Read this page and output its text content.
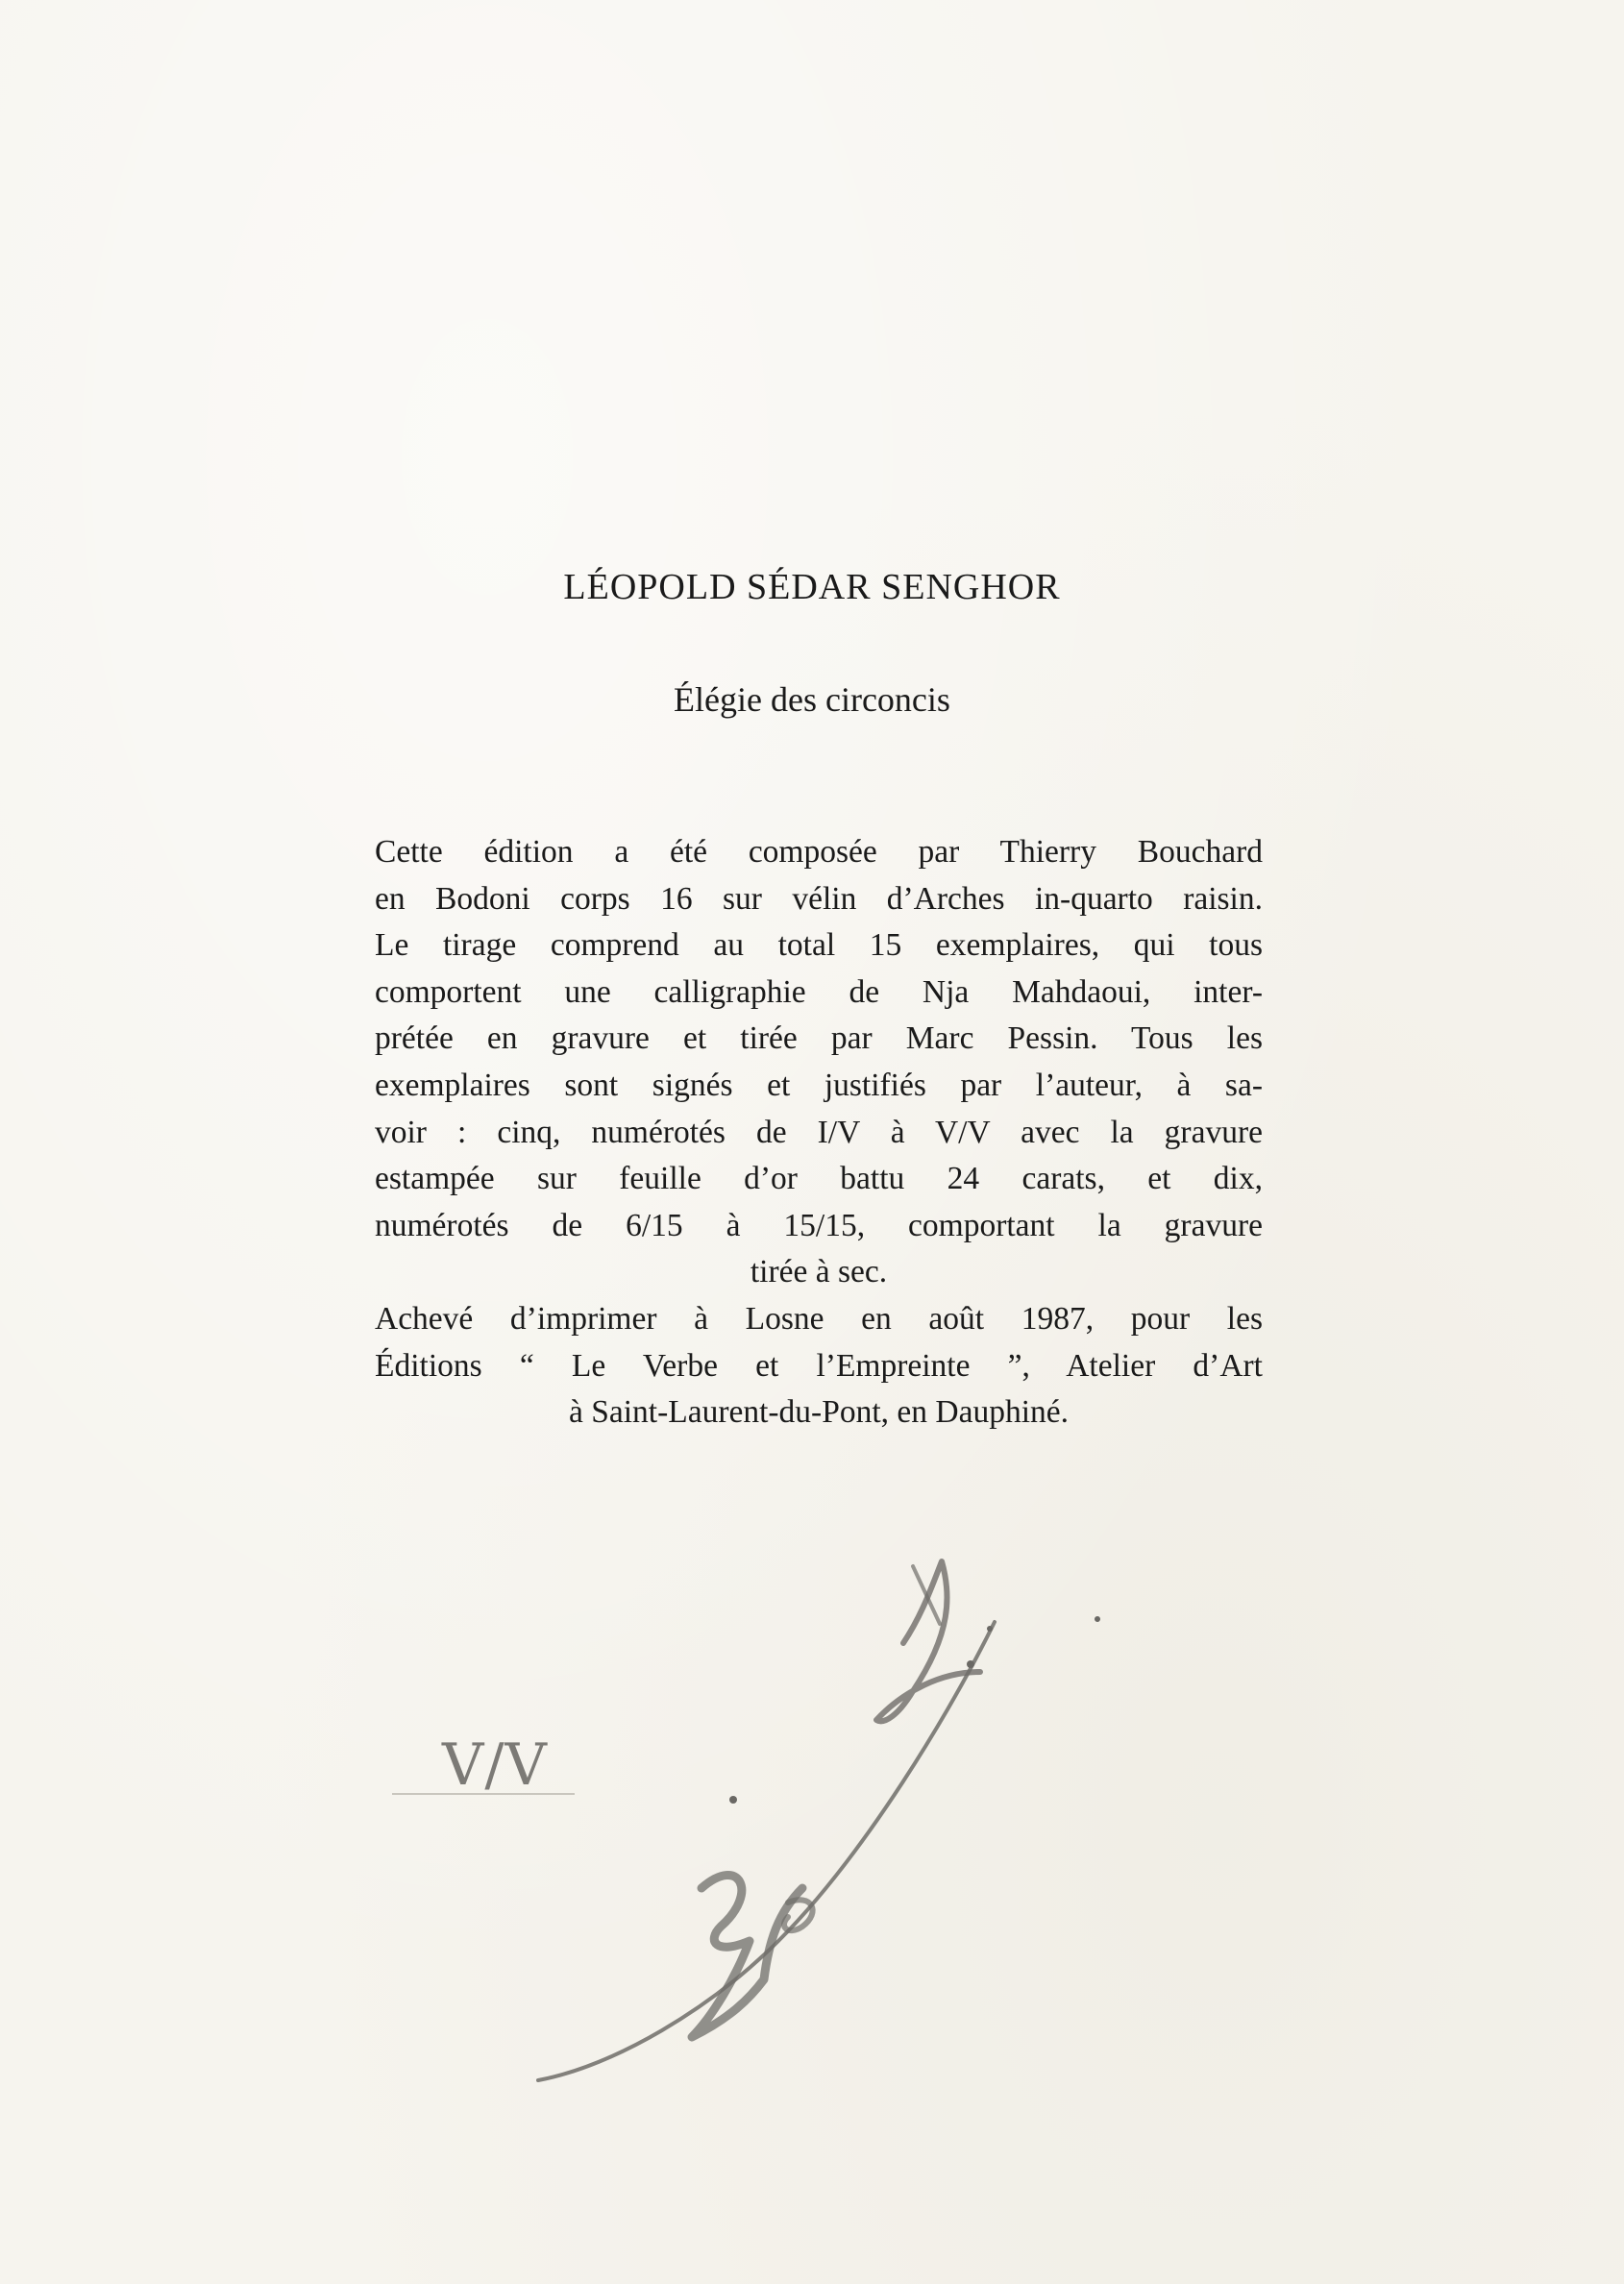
LÉOPOLD SÉDAR SENGHOR
Élégie des circoncis
Cette édition a été composée par Thierry Bouchard
en Bodoni corps 16 sur vélin d’Arches in-quarto raisin.
Le tirage comprend au total 15 exemplaires, qui tous
comportent une calligraphie de Nja Mahdaoui, inter-
prétée en gravure et tirée par Marc Pessin. Tous les
exemplaires sont signés et justifiés par l’auteur, à sa-
voir : cinq, numérotés de I/V à V/V avec la gravure
estampée sur feuille d’or battu 24 carats, et dix,
numérotés de 6/15 à 15/15, comportant la gravure
tirée à sec.
Achevé d’imprimer à Losne en août 1987, pour les
Éditions “ Le Verbe et l’Empreinte ”, Atelier d’Art
à Saint-Laurent-du-Pont, en Dauphiné.
V/V
